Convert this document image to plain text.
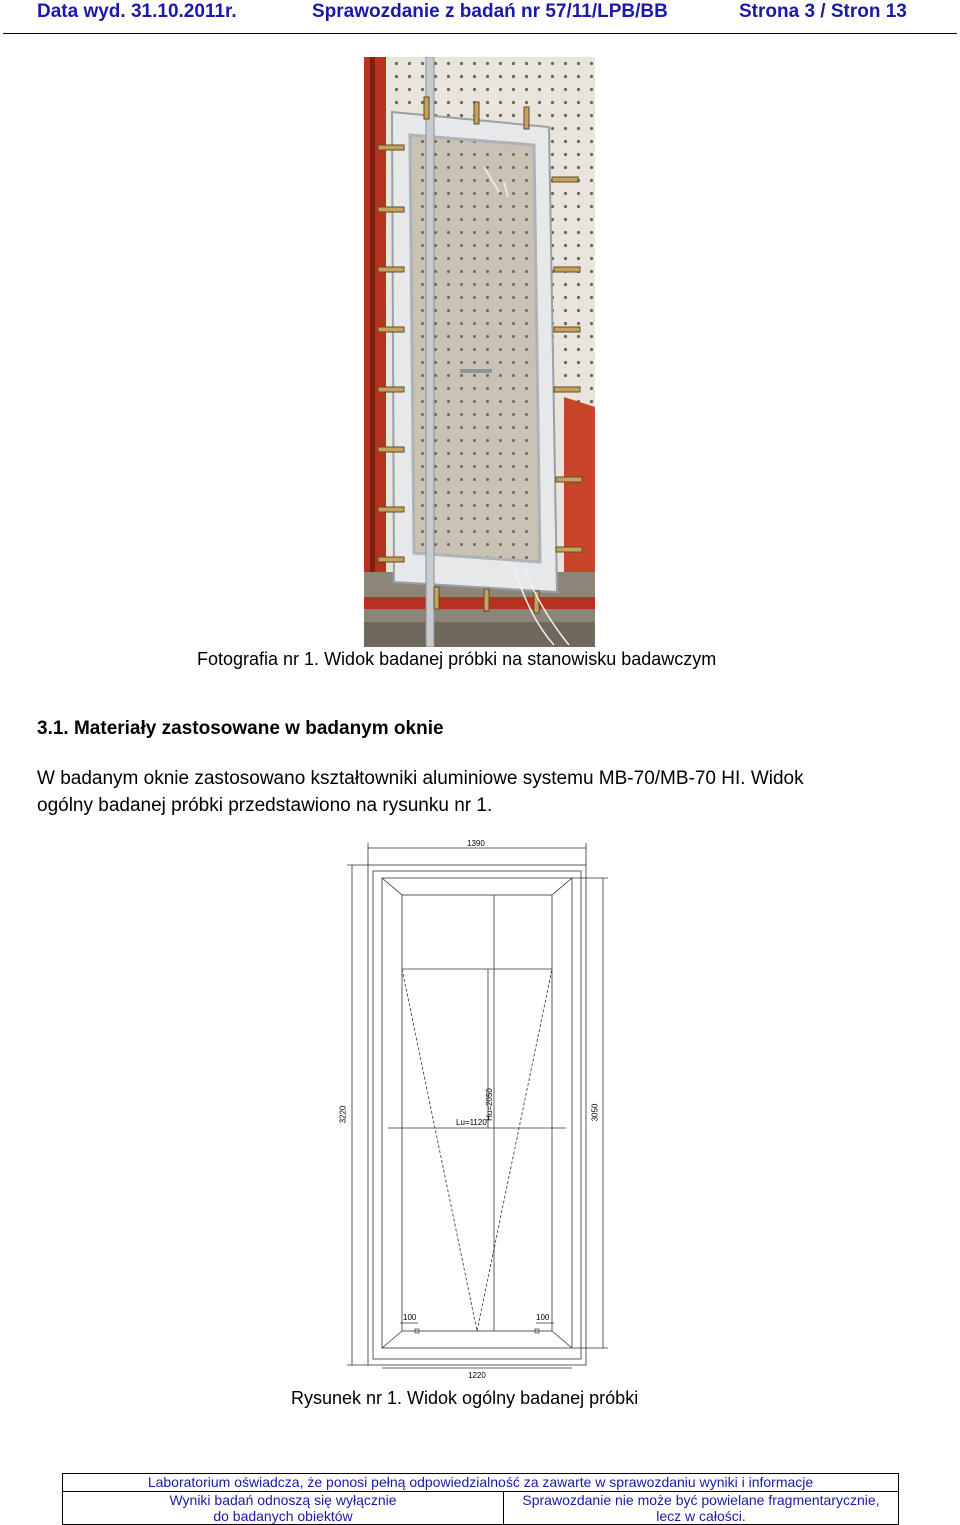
Data wyd. 31.10.2011r.	Sprawozdanie z badań nr 57/11/LPB/BB	Strona 3 / Stron 13
Fotografia nr 1. Widok badanej próbki na stanowisku badawczym
3.1. Materiały zastosowane w badanym oknie
W badanym oknie zastosowano kształtowniki aluminiowe systemu MB-70/MB-70 HI. Widok
ogólny badanej próbki przedstawiono na rysunku nr 1.
1390
1220
3220	3050
Lu=1120
Hu=2050
100	100
Rysunek nr 1. Widok ogólny badanej próbki
Laboratorium oświadcza, że ponosi pełną odpowiedzialność za zawarte w sprawozdaniu wyniki i informacje
Wyniki badań odnoszą się wyłącznie
do badanych obiektów
Sprawozdanie nie może być powielane fragmentarycznie,
lecz w całości.
